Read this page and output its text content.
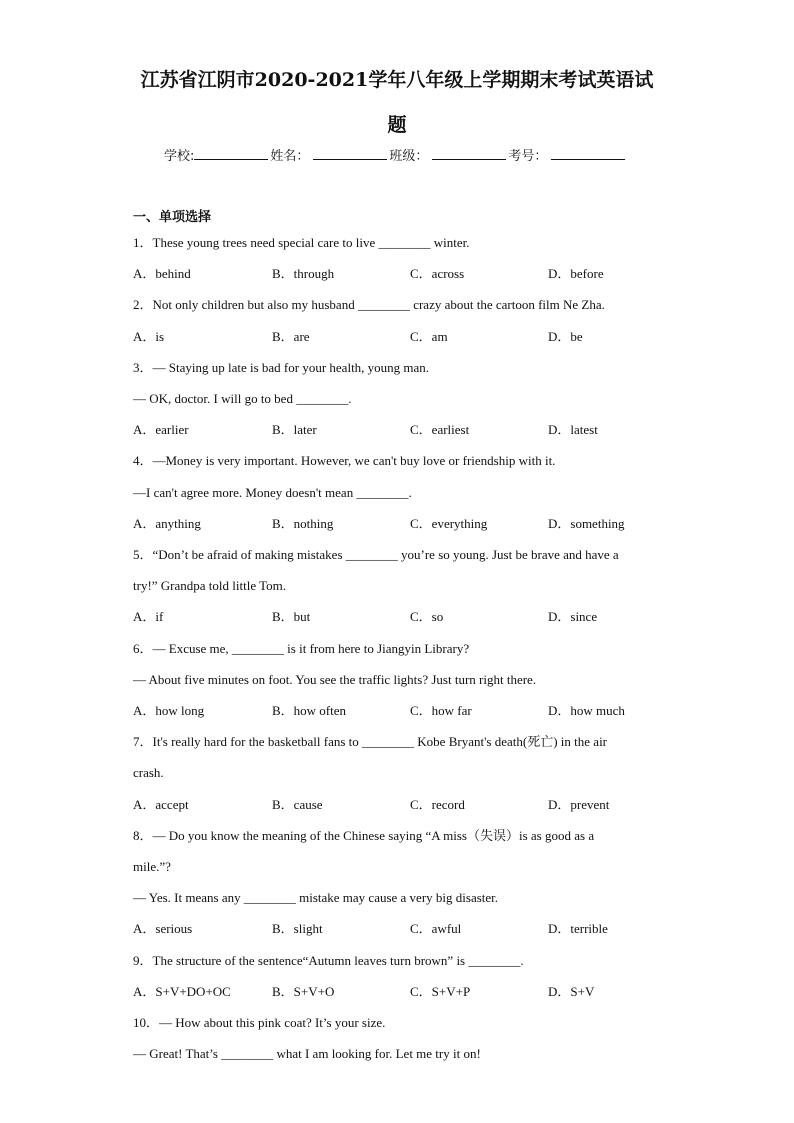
江苏省江阴市2020-2021学年八年级上学期期末考试英语试
题
学校:	姓名：	班级：	考号：
一、单项选择
1．These young trees need special care to live ________ winter.
A．behind	B．through	C．across	D．before
2．Not only children but also my husband ________ crazy about the cartoon film Ne Zha.
A．is	B．are	C．am	D．be
3．— Staying up late is bad for your health, young man.
— OK, doctor. I will go to bed ________.
A．earlier	B．later	C．earliest	D．latest
4．—Money is very important. However, we can't buy love or friendship with it.
—I can't agree more. Money doesn't mean ________.
A．anything	B．nothing	C．everything	D．something
5．“Don’t be afraid of making mistakes ________ you’re so young. Just be brave and have a
try!” Grandpa told little Tom.
A．if	B．but	C．so	D．since
6．— Excuse me, ________ is it from here to Jiangyin Library?
— About five minutes on foot. You see the traffic lights? Just turn right there.
A．how long	B．how often	C．how far	D．how much
7．It's really hard for the basketball fans to ________ Kobe Bryant's death(死亡) in the air
crash.
A．accept	B．cause	C．record	D．prevent
8．— Do you know the meaning of the Chinese saying “A miss（失误）is as good as a
mile.”?
— Yes. It means any ________ mistake may cause a very big disaster.
A．serious	B．slight	C．awful	D．terrible
9．The structure of the sentence“Autumn leaves turn brown” is ________.
A．S+V+DO+OC	B．S+V+O	C．S+V+P	D．S+V
10．— How about this pink coat? It’s your size.
— Great! That’s ________ what I am looking for. Let me try it on!
